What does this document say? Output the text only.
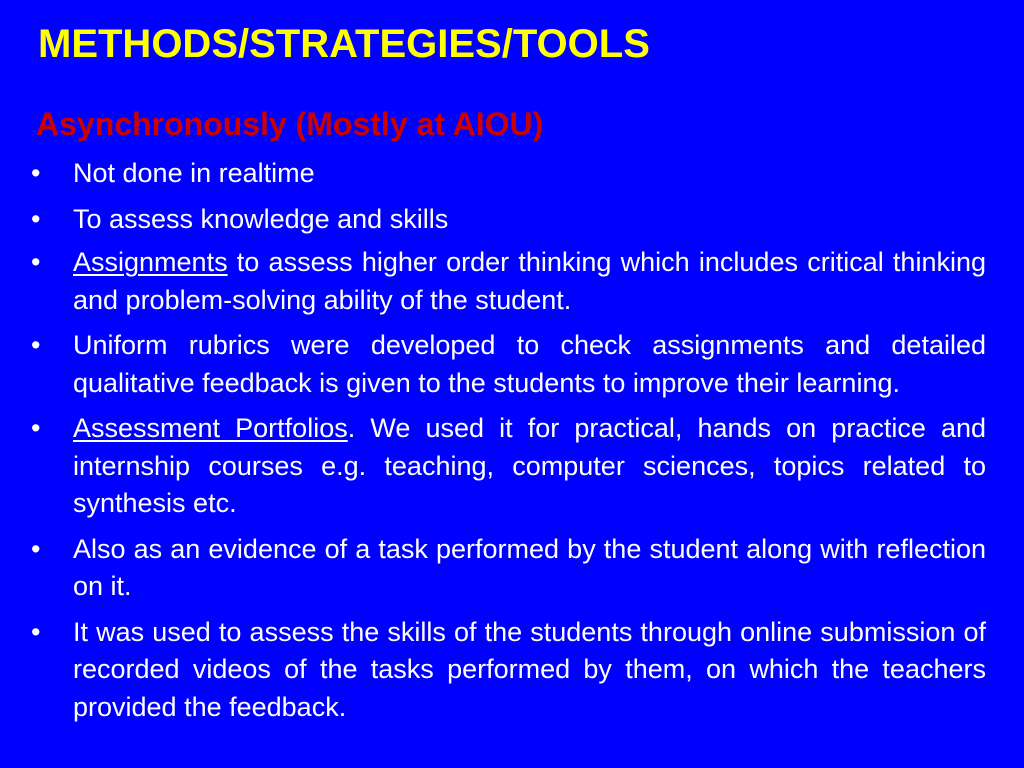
METHODS/STRATEGIES/TOOLS
Asynchronously (Mostly at AIOU)
•	Not done in realtime
•	To assess knowledge and skills
•	Assignments to assess higher order thinking which includes critical thinking and problem-solving ability of the student.
•	Uniform rubrics were developed to check assignments and detailed qualitative feedback is given to the students to improve their learning.
•	Assessment Portfolios. We used it for practical, hands on practice and internship courses e.g. teaching, computer sciences, topics related to synthesis etc.
•	Also as an evidence of a task performed by the student along with reflection on it.
•	It was used to assess the skills of the students through online submission of recorded videos of the tasks performed by them, on which the teachers provided the feedback.
